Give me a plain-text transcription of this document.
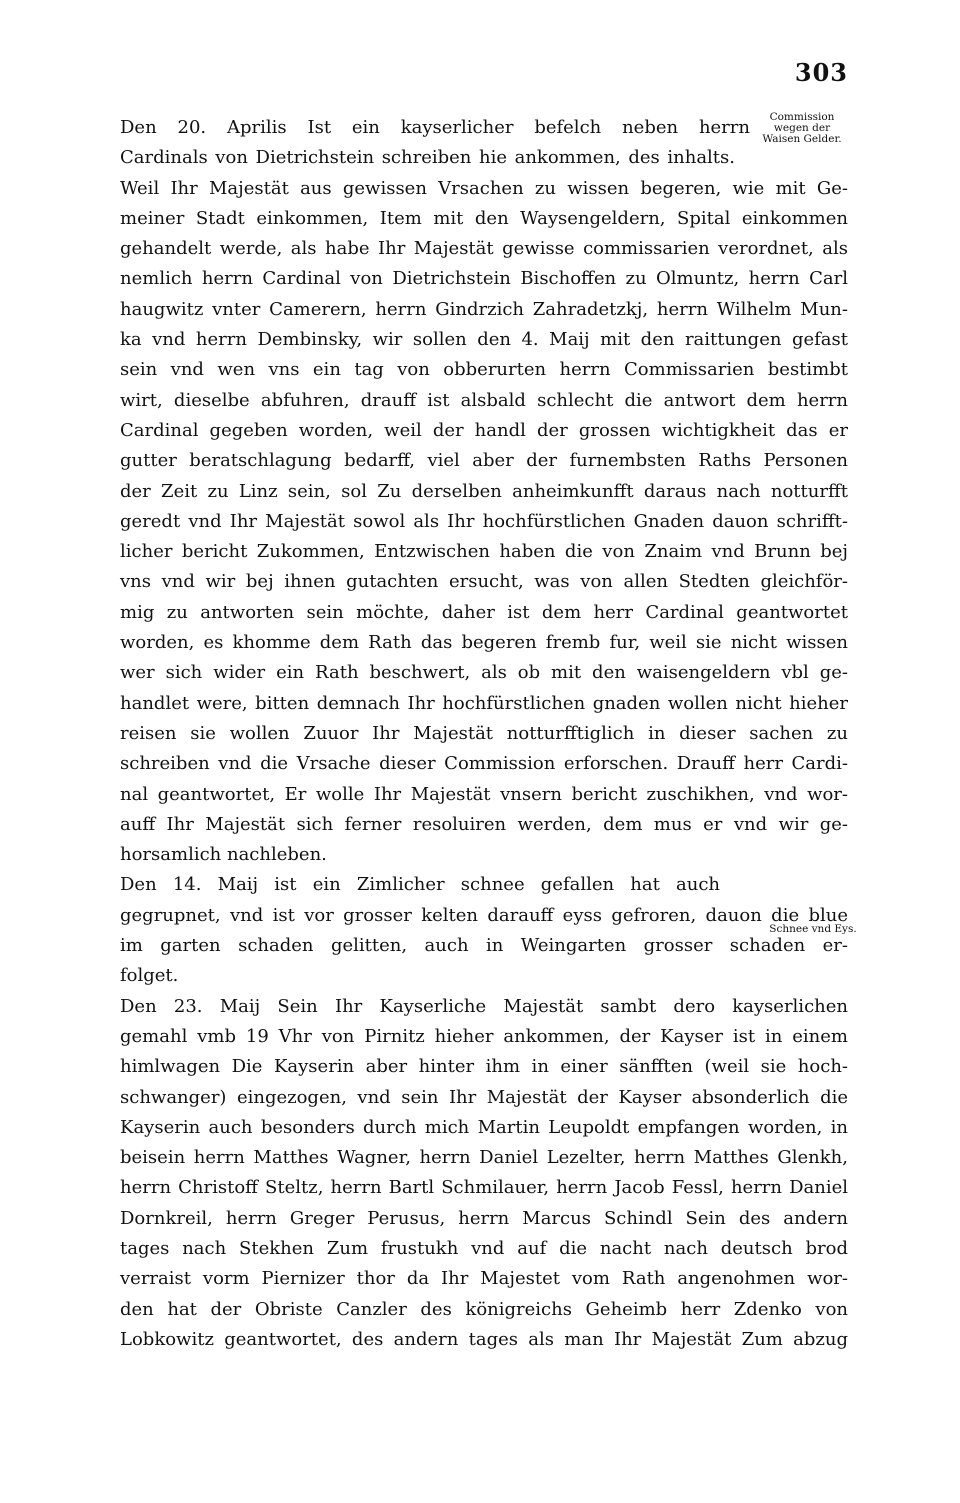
303
Commission
wegen der
Waisen Gelder.
Schnee vnd Eys.
Den 20. Aprilis Ist ein kayserlicher befelch neben herrn
Cardinals von Dietrichstein schreiben hie ankommen, des inhalts.
Weil Ihr Majestät aus gewissen Vrsachen zu wissen begeren, wie mit Ge-
meiner Stadt einkommen, Item mit den Waysengeldern, Spital einkommen
gehandelt werde, als habe Ihr Majestät gewisse commissarien verordnet, als
nemlich herrn Cardinal von Dietrichstein Bischoffen zu Olmuntz, herrn Carl
haugwitz vnter Camerern, herrn Gindrzich Zahradetzkj, herrn Wilhelm Mun-
ka vnd herrn Dembinsky, wir sollen den 4. Maij mit den raittungen gefast
sein vnd wen vns ein tag von obberurten herrn Commissarien bestimbt
wirt, dieselbe abfuhren, drauff ist alsbald schlecht die antwort dem herrn
Cardinal gegeben worden, weil der handl der grossen wichtigkheit das er
gutter beratschlagung bedarff, viel aber der furnembsten Raths Personen
der Zeit zu Linz sein, sol Zu derselben anheimkunfft daraus nach notturfft
geredt vnd Ihr Majestät sowol als Ihr hochfürstlichen Gnaden dauon schrifft-
licher bericht Zukommen, Entzwischen haben die von Znaim vnd Brunn bej
vns vnd wir bej ihnen gutachten ersucht, was von allen Stedten gleichför-
mig zu antworten sein möchte, daher ist dem herr Cardinal geantwortet
worden, es khomme dem Rath das begeren fremb fur, weil sie nicht wissen
wer sich wider ein Rath beschwert, als ob mit den waisengeldern vbl ge-
handlet were, bitten demnach Ihr hochfürstlichen gnaden wollen nicht hieher
reisen sie wollen Zuuor Ihr Majestät notturfftiglich in dieser sachen zu
schreiben vnd die Vrsache dieser Commission erforschen. Drauff herr Cardi-
nal geantwortet, Er wolle Ihr Majestät vnsern bericht zuschikhen, vnd wor-
auff Ihr Majestät sich ferner resoluiren werden, dem mus er vnd wir ge-
horsamlich nachleben.
Den 14. Maij ist ein Zimlicher schnee gefallen hat auch
gegrupnet, vnd ist vor grosser kelten darauff eyss gefroren, dauon die blue
im garten schaden gelitten, auch in Weingarten grosser schaden er-
folget.
Den 23. Maij Sein Ihr Kayserliche Majestät sambt dero kayserlichen
gemahl vmb 19 Vhr von Pirnitz hieher ankommen, der Kayser ist in einem
himlwagen Die Kayserin aber hinter ihm in einer sänfften (weil sie hoch-
schwanger) eingezogen, vnd sein Ihr Majestät der Kayser absonderlich die
Kayserin auch besonders durch mich Martin Leupoldt empfangen worden, in
beisein herrn Matthes Wagner, herrn Daniel Lezelter, herrn Matthes Glenkh,
herrn Christoff Steltz, herrn Bartl Schmilauer, herrn Jacob Fessl, herrn Daniel
Dornkreil, herrn Greger Perusus, herrn Marcus Schindl Sein des andern
tages nach Stekhen Zum frustukh vnd auf die nacht nach deutsch brod
verraist vorm Piernizer thor da Ihr Majestet vom Rath angenohmen wor-
den hat der Obriste Canzler des königreichs Geheimb herr Zdenko von
Lobkowitz geantwortet, des andern tages als man Ihr Majestät Zum abzug
